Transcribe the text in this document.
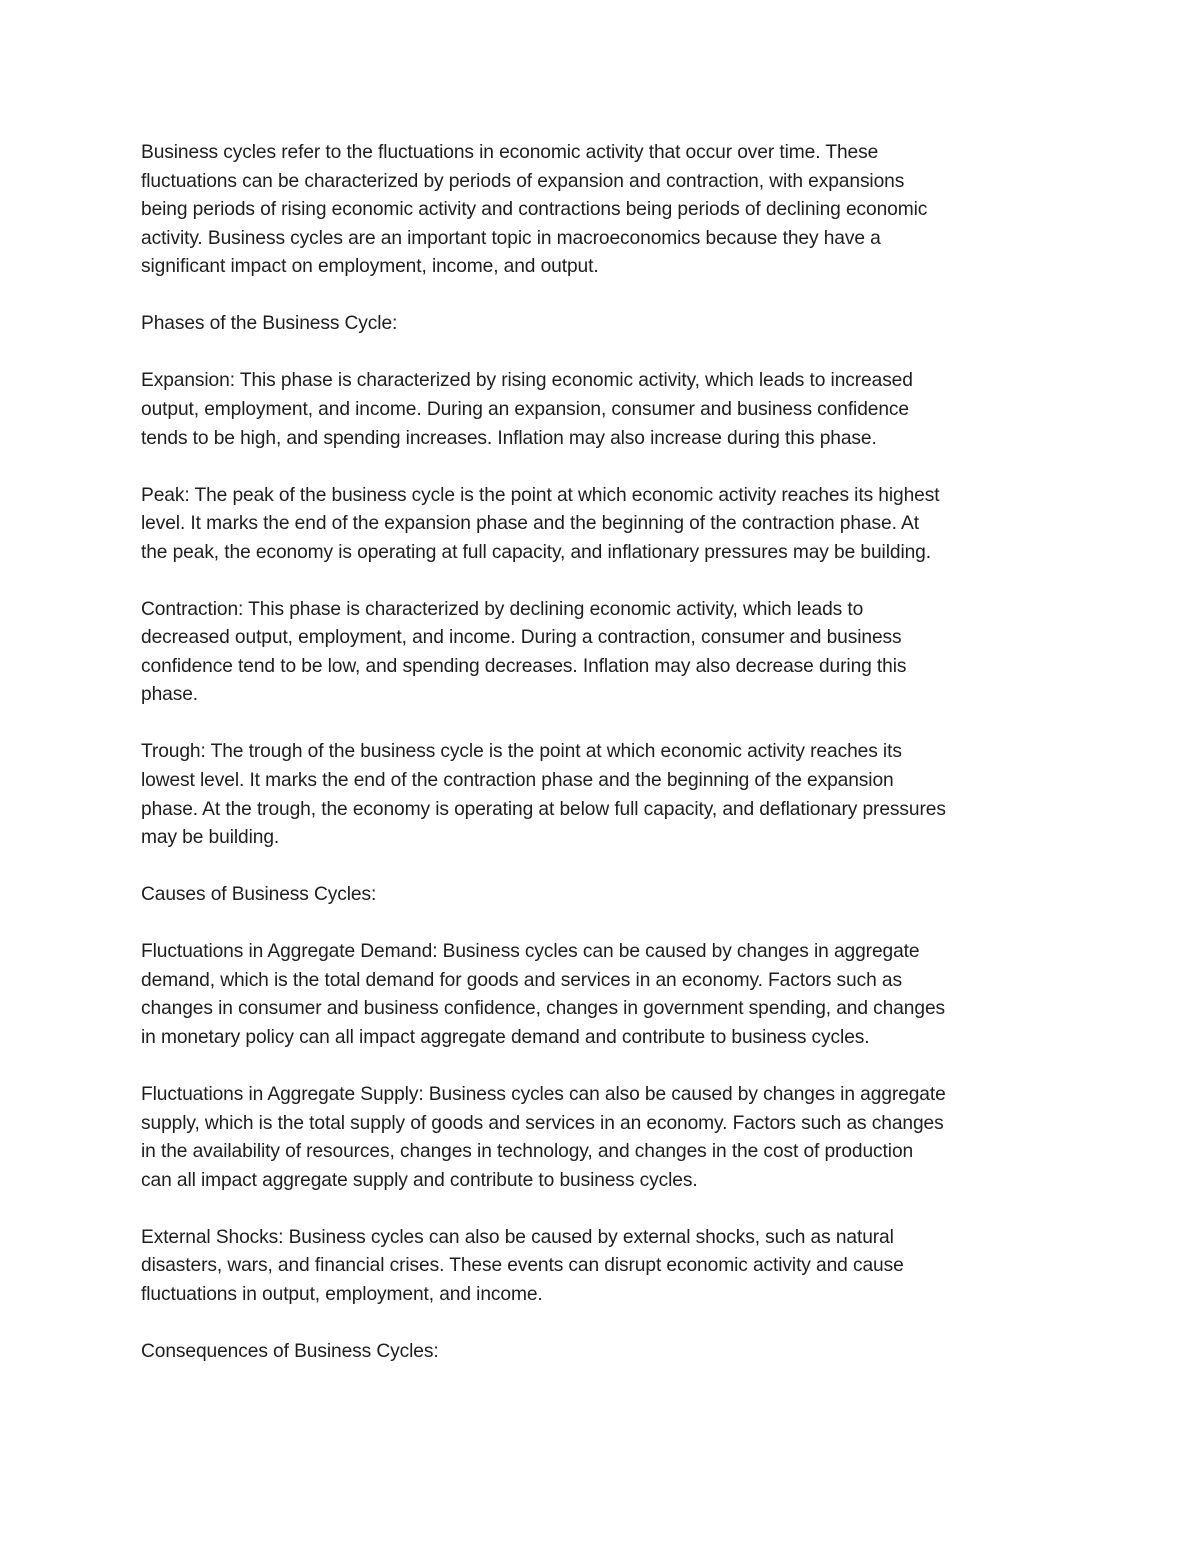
Business cycles refer to the fluctuations in economic activity that occur over time. These
fluctuations can be characterized by periods of expansion and contraction, with expansions
being periods of rising economic activity and contractions being periods of declining economic
activity. Business cycles are an important topic in macroeconomics because they have a
significant impact on employment, income, and output.

Phases of the Business Cycle:

Expansion: This phase is characterized by rising economic activity, which leads to increased
output, employment, and income. During an expansion, consumer and business confidence
tends to be high, and spending increases. Inflation may also increase during this phase.

Peak: The peak of the business cycle is the point at which economic activity reaches its highest
level. It marks the end of the expansion phase and the beginning of the contraction phase. At
the peak, the economy is operating at full capacity, and inflationary pressures may be building.

Contraction: This phase is characterized by declining economic activity, which leads to
decreased output, employment, and income. During a contraction, consumer and business
confidence tend to be low, and spending decreases. Inflation may also decrease during this
phase.

Trough: The trough of the business cycle is the point at which economic activity reaches its
lowest level. It marks the end of the contraction phase and the beginning of the expansion
phase. At the trough, the economy is operating at below full capacity, and deflationary pressures
may be building.

Causes of Business Cycles:

Fluctuations in Aggregate Demand: Business cycles can be caused by changes in aggregate
demand, which is the total demand for goods and services in an economy. Factors such as
changes in consumer and business confidence, changes in government spending, and changes
in monetary policy can all impact aggregate demand and contribute to business cycles.

Fluctuations in Aggregate Supply: Business cycles can also be caused by changes in aggregate
supply, which is the total supply of goods and services in an economy. Factors such as changes
in the availability of resources, changes in technology, and changes in the cost of production
can all impact aggregate supply and contribute to business cycles.

External Shocks: Business cycles can also be caused by external shocks, such as natural
disasters, wars, and financial crises. These events can disrupt economic activity and cause
fluctuations in output, employment, and income.

Consequences of Business Cycles:
